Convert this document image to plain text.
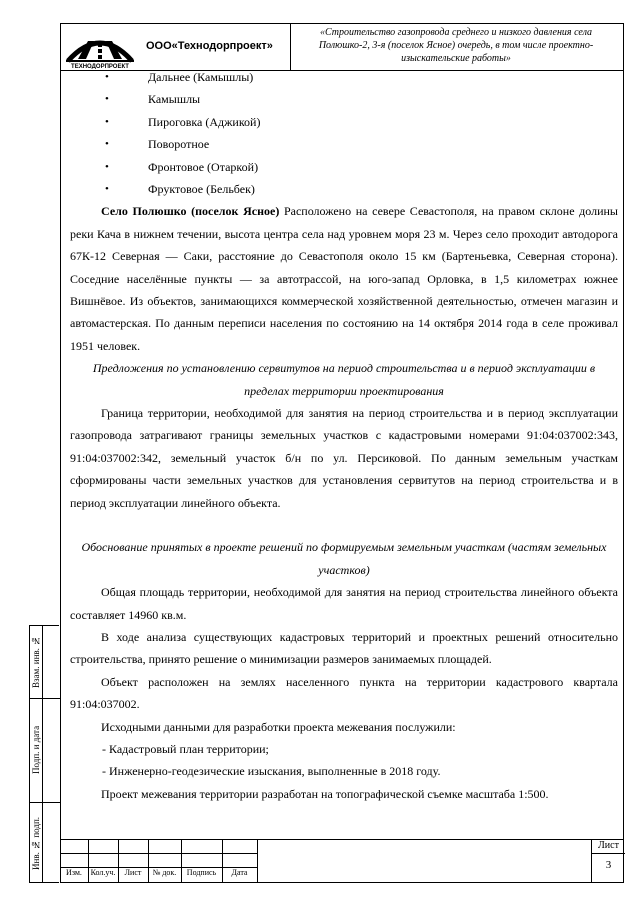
Взам. инв. №
Подп. и дата
Инв. № подп.
ТЕХНОДОРПРОЕКТ
ООО«Технодорпроект»
«Строительство газопровода среднего и низкого давления села Полюшко-2, 3-я (поселок Ясное) очередь, в том числе проектно-изыскательские работы»
•	Дальнее (Камышлы)
•	Камышлы
•	Пироговка (Аджикой)
•	Поворотное
•	Фронтовое (Отаркой)
•	Фруктовое (Бельбек)

Село Полюшко (поселок Ясное) Расположено на севере Севастополя, на правом склоне долины реки Кача в нижнем течении, высота центра села над уровнем моря 23 м. Через село проходит автодорога 67К-12 Северная — Саки, расстояние до Севастополя около 15 км (Бартеньевка, Северная сторона). Соседние населённые пункты — за автотрассой, на юго-запад Орловка, в 1,5 километрах южнее Вишнёвое. Из объектов, занимающихся коммерческой хозяйственной деятельностью, отмечен магазин и автомастерская. По данным переписи населения по состоянию на 14 октября 2014 года в селе проживал 1951 человек.

Предложения по установлению сервитутов на период строительства и в период эксплуатации в пределах территории проектирования

Граница территории, необходимой для занятия на период строительства и в период эксплуатации газопровода затрагивают границы земельных участков с кадастровыми номерами 91:04:037002:343, 91:04:037002:342, земельный участок б/н по ул. Персиковой. По данным земельным участкам сформированы части земельных участков для установления сервитутов на период строительства и в период эксплуатации линейного объекта.

Обоснование принятых в проекте решений по формируемым земельным участкам (частям земельных участков)

Общая площадь территории, необходимой для занятия на период строительства линейного объекта составляет 14960 кв.м.

В ходе анализа существующих кадастровых территорий и проектных решений относительно строительства, принято решение о минимизации размеров занимаемых площадей.

Объект расположен на землях населенного пункта на территории кадастрового квартала 91:04:037002.

Исходными данными для разработки проекта межевания послужили:

- Кадастровый план территории;

- Инженерно-геодезические изыскания, выполненные в 2018 году.

Проект межевания территории разработан на топографической съемке масштаба 1:500.

Изм.	Кол.уч.	Лист	№ док.	Подпись	Дата
Лист
3
